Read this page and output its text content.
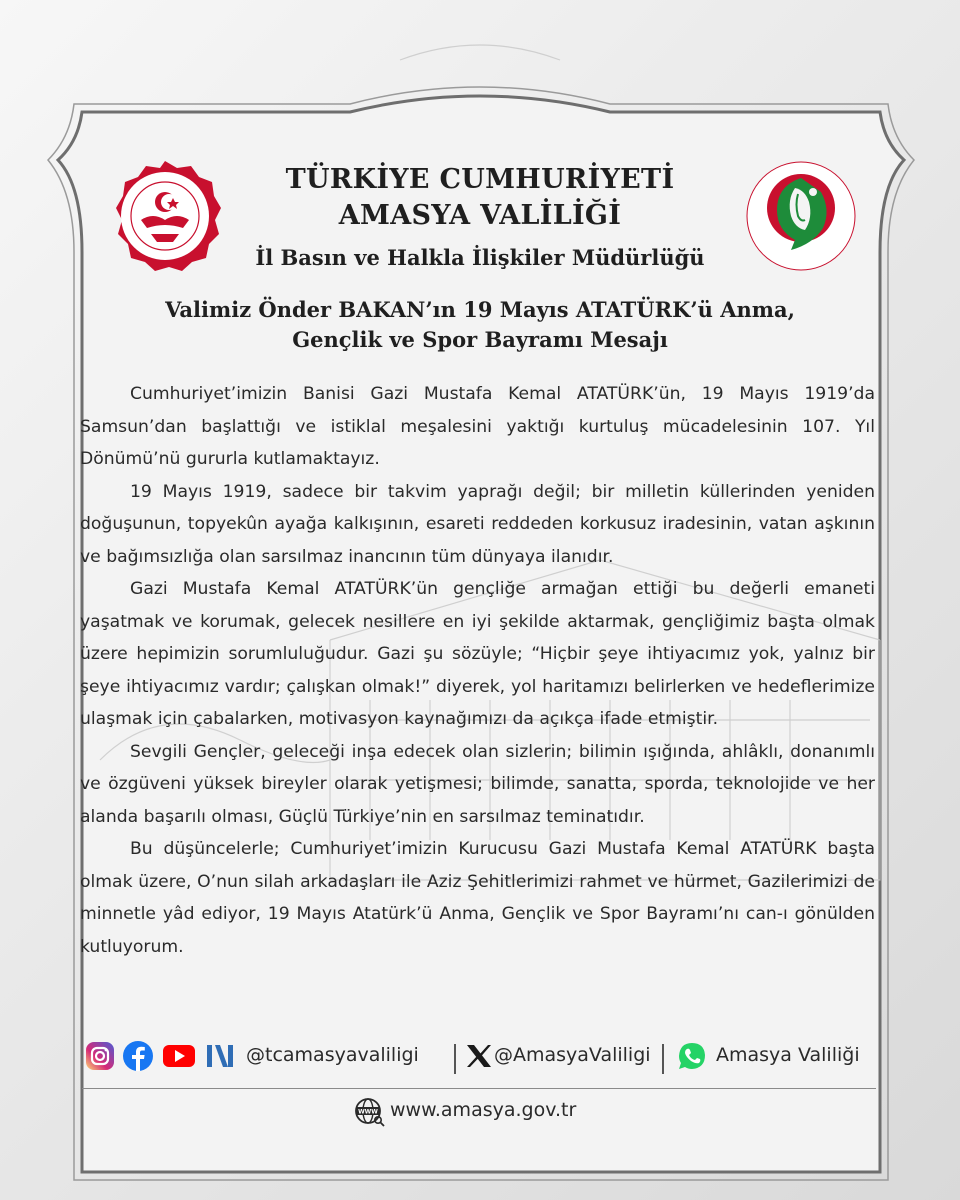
TÜRKİYE CUMHURİYETİ
AMASYA VALİLİĞİ
İl Basın ve Halkla İlişkiler Müdürlüğü
Valimiz Önder BAKAN’ın 19 Mayıs ATATÜRK’ü Anma,
Gençlik ve Spor Bayramı Mesajı

Cumhuriyet’imizin Banisi Gazi Mustafa Kemal ATATÜRK’ün, 19 Mayıs 1919’da Samsun’dan başlattığı ve istiklal meşalesini yaktığı kurtuluş mücadelesinin 107. Yıl Dönümü’nü gururla kutlamaktayız.

19 Mayıs 1919, sadece bir takvim yaprağı değil; bir milletin küllerinden yeniden doğuşunun, topyekûn ayağa kalkışının, esareti reddeden korkusuz iradesinin, vatan aşkının ve bağımsızlığa olan sarsılmaz inancının tüm dünyaya ilanıdır.

Gazi Mustafa Kemal ATATÜRK’ün gençliğe armağan ettiği bu değerli emaneti yaşatmak ve korumak, gelecek nesillere en iyi şekilde aktarmak, gençliğimiz başta olmak üzere hepimizin sorumluluğudur. Gazi şu sözüyle; “Hiçbir şeye ihtiyacımız yok, yalnız bir şeye ihtiyacımız vardır; çalışkan olmak!” diyerek, yol haritamızı belirlerken ve hedeflerimize ulaşmak için çabalarken, motivasyon kaynağımızı da açıkça ifade etmiştir.

Sevgili Gençler, geleceği inşa edecek olan sizlerin; bilimin ışığında, ahlâklı, donanımlı ve özgüveni yüksek bireyler olarak yetişmesi; bilimde, sanatta, sporda, teknolojide ve her alanda başarılı olması, Güçlü Türkiye’nin en sarsılmaz teminatıdır.

Bu düşüncelerle; Cumhuriyet’imizin Kurucusu Gazi Mustafa Kemal ATATÜRK başta olmak üzere, O’nun silah arkadaşları ile Aziz Şehitlerimizi rahmet ve hürmet, Gazilerimizi de minnetle yâd ediyor, 19 Mayıs Atatürk’ü Anma, Gençlik ve Spor Bayramı’nı can-ı gönülden kutluyorum.

@tcamasyavaliligi	@AmasyaValiligi	Amasya Valiliği
WWW www.amasya.gov.tr
